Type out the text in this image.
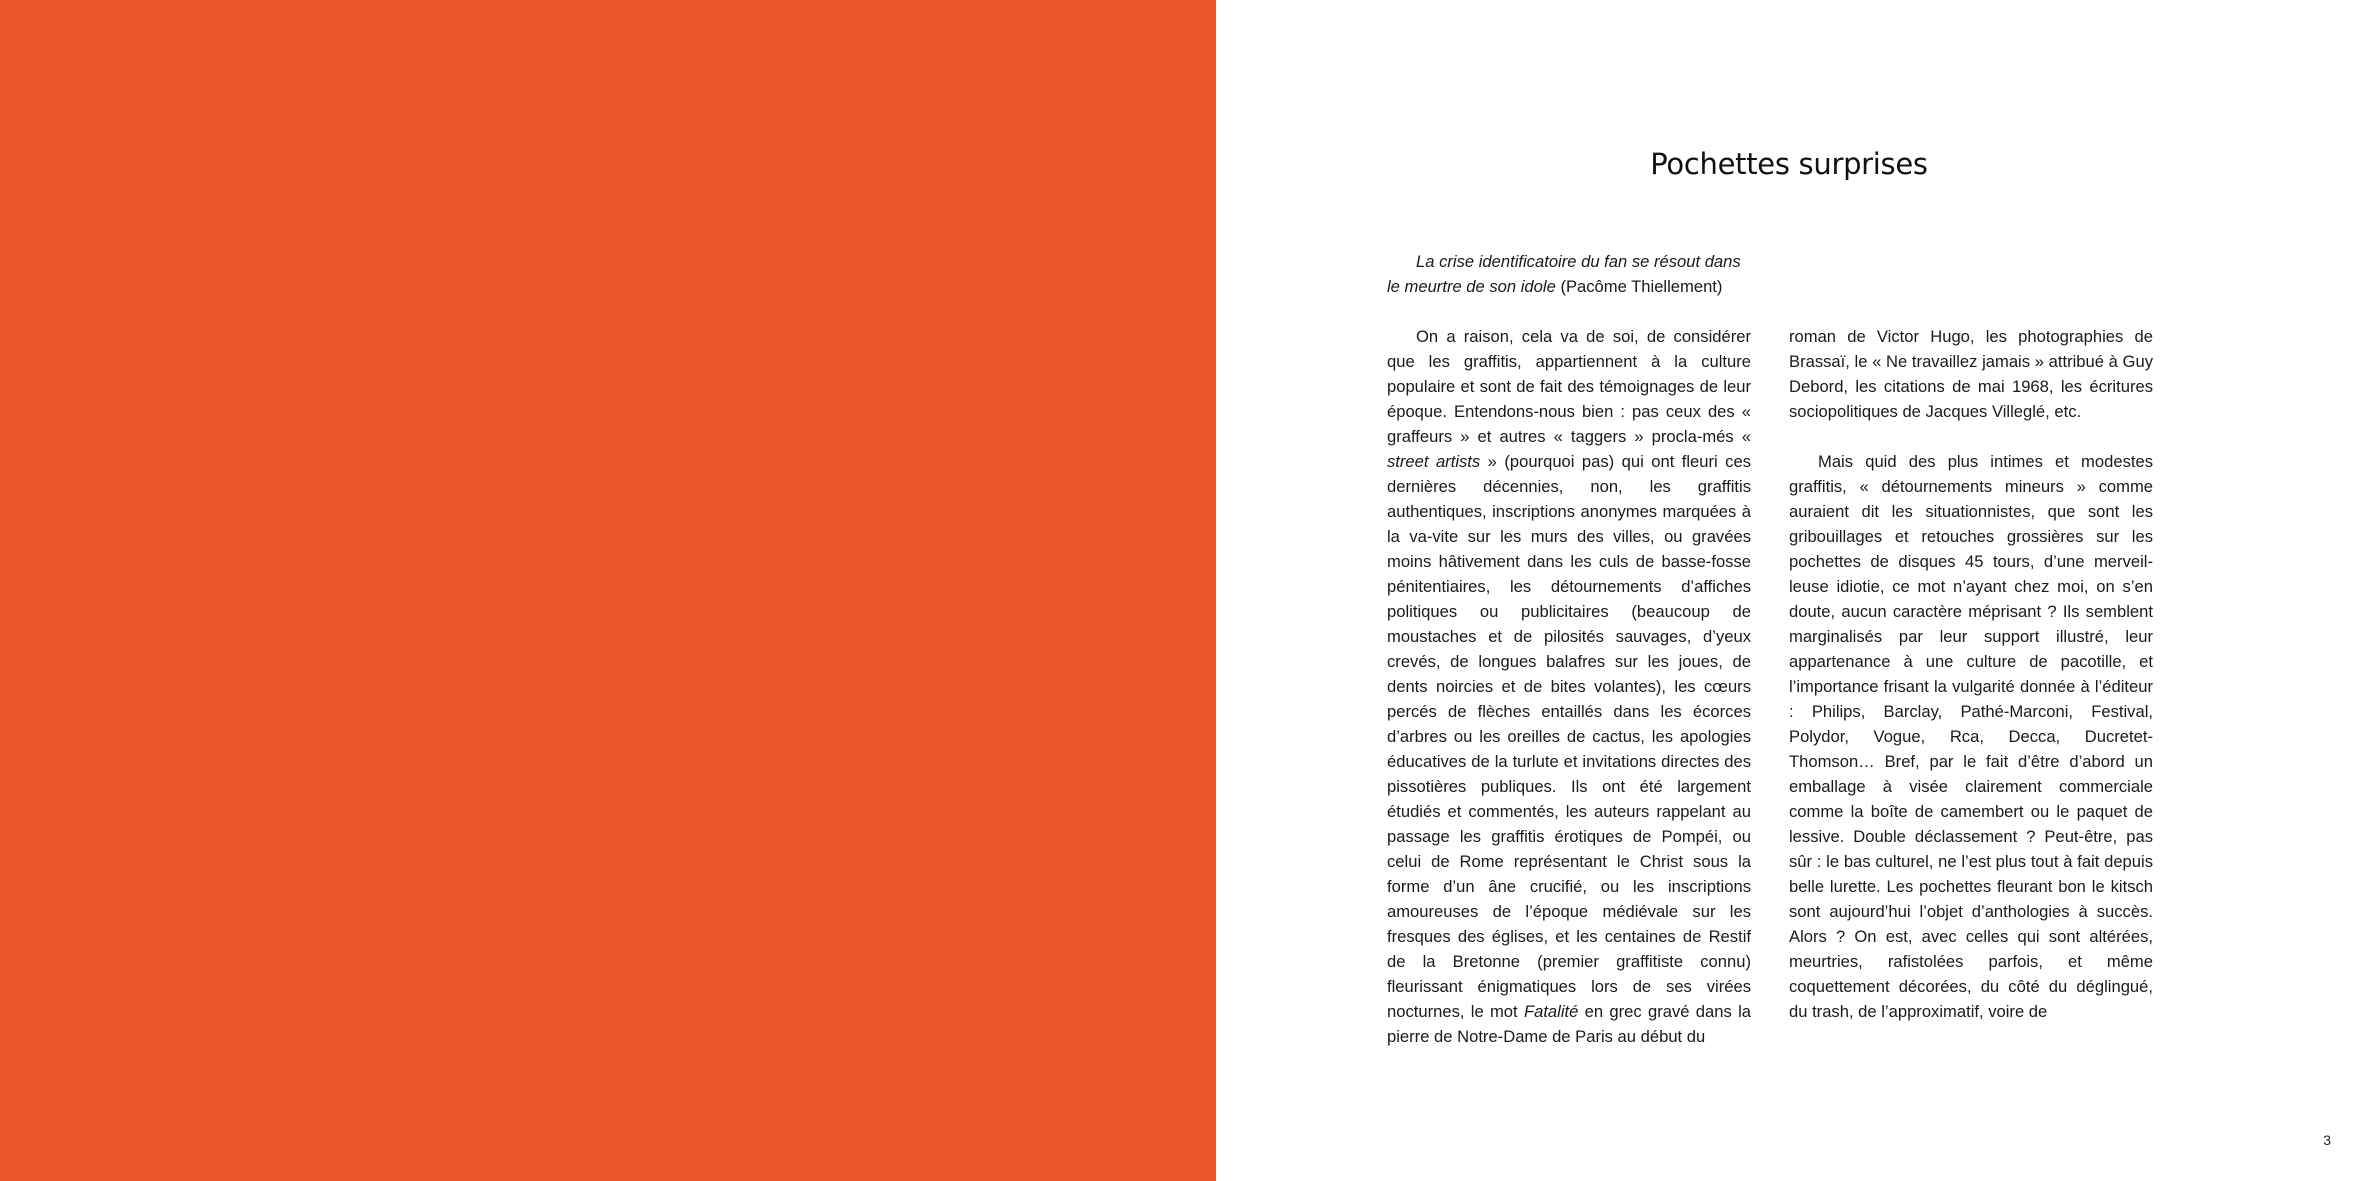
Pochettes surprises

La crise identificatoire du fan se résout dans le meurtre de son idole (Pacôme Thiellement)

On a raison, cela va de soi, de considérer que les graffitis, appartiennent à la culture populaire et sont de fait des témoignages de leur époque. Entendons-nous bien : pas ceux des « graffeurs » et autres « taggers » procla-més « street artists » (pourquoi pas) qui ont fleuri ces dernières décennies, non, les graffitis authentiques, inscriptions anonymes marquées à la va-vite sur les murs des villes, ou gravées moins hâtivement dans les culs de basse-fosse pénitentiaires, les détournements d’affiches politiques ou publicitaires (beaucoup de moustaches et de pilosités sauvages, d’yeux crevés, de longues balafres sur les joues, de dents noircies et de bites volantes), les cœurs percés de flèches entaillés dans les écorces d’arbres ou les oreilles de cactus, les apologies éducatives de la turlute et invitations directes des pissotières publiques. Ils ont été largement étudiés et commentés, les auteurs rappelant au passage les graffitis érotiques de Pompéi, ou celui de Rome représentant le Christ sous la forme d’un âne crucifié, ou les inscriptions amoureuses de l’époque médiévale sur les fresques des églises, et les centaines de Restif de la Bretonne (premier graffitiste connu) fleurissant énigmatiques lors de ses virées nocturnes, le mot Fatalité en grec gravé dans la pierre de Notre-Dame de Paris au début du

roman de Victor Hugo, les photographies de Brassaï, le « Ne travaillez jamais » attribué à Guy Debord, les citations de mai 1968, les écritures sociopolitiques de Jacques Villeglé, etc.

Mais quid des plus intimes et modestes graffitis, « détournements mineurs » comme auraient dit les situationnistes, que sont les gribouillages et retouches grossières sur les pochettes de disques 45 tours, d’une merveil-leuse idiotie, ce mot n’ayant chez moi, on s’en doute, aucun caractère méprisant ? Ils semblent marginalisés par leur support illustré, leur appartenance à une culture de pacotille, et l’importance frisant la vulgarité donnée à l’éditeur : Philips, Barclay, Pathé-Marconi, Festival, Polydor, Vogue, Rca, Decca, Ducretet-Thomson… Bref, par le fait d’être d’abord un emballage à visée clairement commerciale comme la boîte de camembert ou le paquet de lessive. Double déclassement ? Peut-être, pas sûr : le bas culturel, ne l’est plus tout à fait depuis belle lurette. Les pochettes fleurant bon le kitsch sont aujourd’hui l’objet d’anthologies à succès. Alors ? On est, avec celles qui sont altérées, meurtries, rafistolées parfois, et même coquettement décorées, du côté du déglingué, du trash, de l’approximatif, voire de

3
